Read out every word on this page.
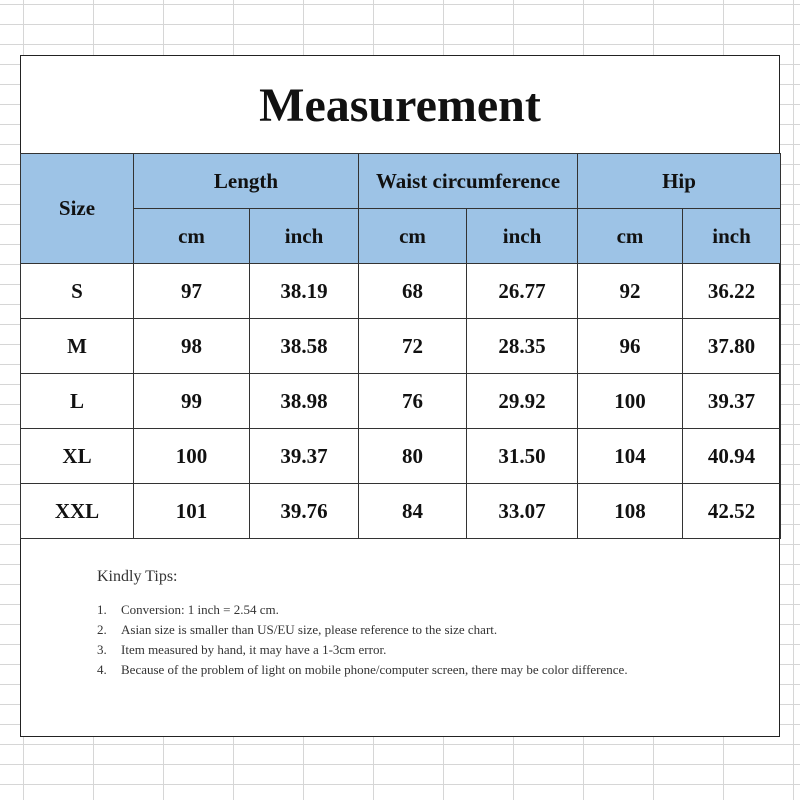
Measurement
Size	Length		Waist circumference		Hip	
	cm	inch	cm	inch	cm	inch
S	97	38.19	68	26.77	92	36.22
M	98	38.58	72	28.35	96	37.80
L	99	38.98	76	29.92	100	39.37
XL	100	39.37	80	31.50	104	40.94
XXL	101	39.76	84	33.07	108	42.52
Kindly Tips:
1.	Conversion: 1 inch = 2.54 cm.
2.	Asian size is smaller than US/EU size, please reference to the size chart.
3.	Item measured by hand, it may have a 1-3cm error.
4.	Because of the problem of light on mobile phone/computer screen, there may be color difference.
